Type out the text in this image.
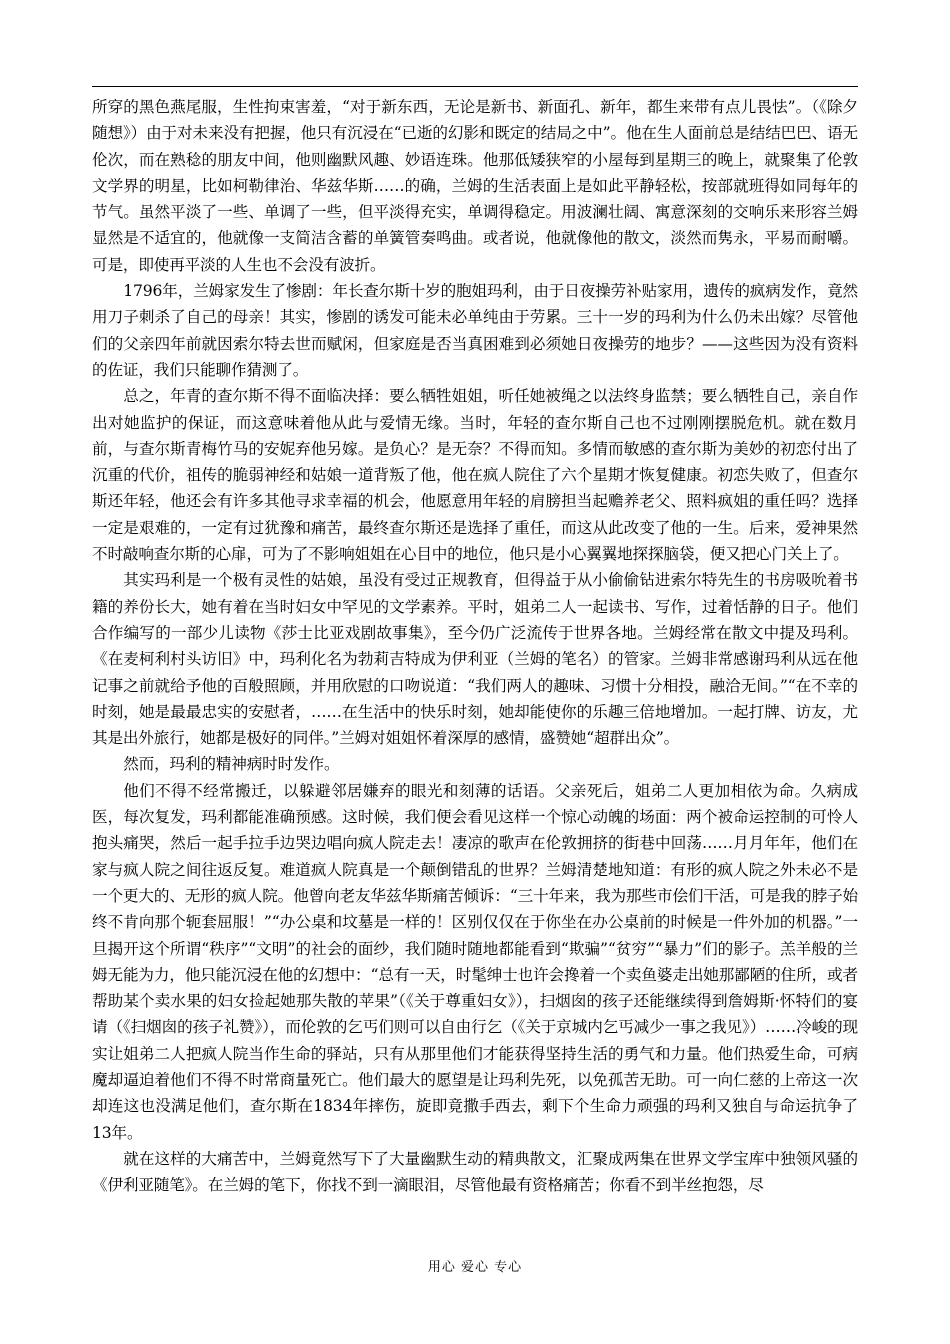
所穿的黑色燕尾服，生性拘束害羞，“对于新东西，无论是新书、新面孔、新年，都生来带有点儿畏怯”。（《除夕随想》）由于对未来没有把握，他只有沉浸在“已逝的幻影和既定的结局之中”。他在生人面前总是结结巴巴、语无伦次，而在熟稔的朋友中间，他则幽默风趣、妙语连珠。他那低矮狭窄的小屋每到星期三的晚上，就聚集了伦敦文学界的明星，比如柯勒律治、华兹华斯……的确，兰姆的生活表面上是如此平静轻松，按部就班得如同每年的节气。虽然平淡了一些、单调了一些，但平淡得充实，单调得稳定。用波澜壮阔、寓意深刻的交响乐来形容兰姆显然是不适宜的，他就像一支简洁含蓄的单簧管奏鸣曲。或者说，他就像他的散文，淡然而隽永，平易而耐嚼。可是，即使再平淡的人生也不会没有波折。

1796年，兰姆家发生了惨剧：年长查尔斯十岁的胞姐玛利，由于日夜操劳补贴家用，遗传的疯病发作，竟然用刀子刺杀了自己的母亲！其实，惨剧的诱发可能未必单纯由于劳累。三十一岁的玛利为什么仍未出嫁？尽管他们的父亲四年前就因索尔特去世而赋闲，但家庭是否当真困难到必须她日夜操劳的地步？——这些因为没有资料的佐证，我们只能聊作猜测了。

总之，年青的查尔斯不得不面临决择：要么牺牲姐姐，听任她被绳之以法终身监禁；要么牺牲自己，亲自作出对她监护的保证，而这意味着他从此与爱情无缘。当时，年轻的查尔斯自己也不过刚刚摆脱危机。就在数月前，与查尔斯青梅竹马的安妮弃他另嫁。是负心？是无奈？不得而知。多情而敏感的查尔斯为美妙的初恋付出了沉重的代价，祖传的脆弱神经和姑娘一道背叛了他，他在疯人院住了六个星期才恢复健康。初恋失败了，但查尔斯还年轻，他还会有许多其他寻求幸福的机会，他愿意用年轻的肩膀担当起赡养老父、照料疯姐的重任吗？选择一定是艰难的，一定有过犹豫和痛苦，最终查尔斯还是选择了重任，而这从此改变了他的一生。后来，爱神果然不时敲响查尔斯的心扉，可为了不影响姐姐在心目中的地位，他只是小心翼翼地探探脑袋，便又把心门关上了。

其实玛利是一个极有灵性的姑娘，虽没有受过正规教育，但得益于从小偷偷钻进索尔特先生的书房吸吮着书籍的养份长大，她有着在当时妇女中罕见的文学素养。平时，姐弟二人一起读书、写作，过着恬静的日子。他们合作编写的一部少儿读物《莎士比亚戏剧故事集》，至今仍广泛流传于世界各地。兰姆经常在散文中提及玛利。《在麦柯利村头访旧》中，玛利化名为勃莉吉特成为伊利亚（兰姆的笔名）的管家。兰姆非常感谢玛利从远在他记事之前就给予他的百般照顾，并用欣慰的口吻说道：“我们两人的趣味、习惯十分相投，融洽无间。”“在不幸的时刻，她是最最忠实的安慰者，……在生活中的快乐时刻，她却能使你的乐趣三倍地增加。一起打牌、访友，尤其是出外旅行，她都是极好的同伴。”兰姆对姐姐怀着深厚的感情，盛赞她“超群出众”。

然而，玛利的精神病时时发作。

他们不得不经常搬迁，以躲避邻居嫌弃的眼光和刻薄的话语。父亲死后，姐弟二人更加相依为命。久病成医，每次复发，玛利都能准确预感。这时候，我们便会看见这样一个惊心动魄的场面：两个被命运控制的可怜人抱头痛哭，然后一起手拉手边哭边唱向疯人院走去！凄凉的歌声在伦敦拥挤的街巷中回荡……月月年年，他们在家与疯人院之间往返反复。难道疯人院真是一个颠倒错乱的世界？兰姆清楚地知道：有形的疯人院之外未必不是一个更大的、无形的疯人院。他曾向老友华兹华斯痛苦倾诉：“三十年来，我为那些市侩们干活，可是我的脖子始终不肯向那个轭套屈服！”“办公桌和坟墓是一样的！区别仅仅在于你坐在办公桌前的时候是一件外加的机器。”一旦揭开这个所谓“秩序”“文明”的社会的面纱，我们随时随地都能看到“欺骗”“贫穷”“暴力”们的影子。羔羊般的兰姆无能为力，他只能沉浸在他的幻想中：“总有一天，时髦绅士也许会搀着一个卖鱼婆走出她那鄙陋的住所，或者帮助某个卖水果的妇女捡起她那失散的苹果”（《关于尊重妇女》），扫烟囱的孩子还能继续得到詹姆斯·怀特们的宴请（《扫烟囱的孩子礼赞》），而伦敦的乞丐们则可以自由行乞（《关于京城内乞丐减少一事之我见》）……冷峻的现实让姐弟二人把疯人院当作生命的驿站，只有从那里他们才能获得坚持生活的勇气和力量。他们热爱生命，可病魔却逼迫着他们不得不时常商量死亡。他们最大的愿望是让玛利先死，以免孤苦无助。可一向仁慈的上帝这一次却连这也没满足他们，查尔斯在1834年摔伤，旋即竟撒手西去，剩下个生命力顽强的玛利又独自与命运抗争了13年。

就在这样的大痛苦中，兰姆竟然写下了大量幽默生动的精典散文，汇聚成两集在世界文学宝库中独领风骚的《伊利亚随笔》。在兰姆的笔下，你找不到一滴眼泪，尽管他最有资格痛苦；你看不到半丝抱怨，尽

用心 爱心 专心
